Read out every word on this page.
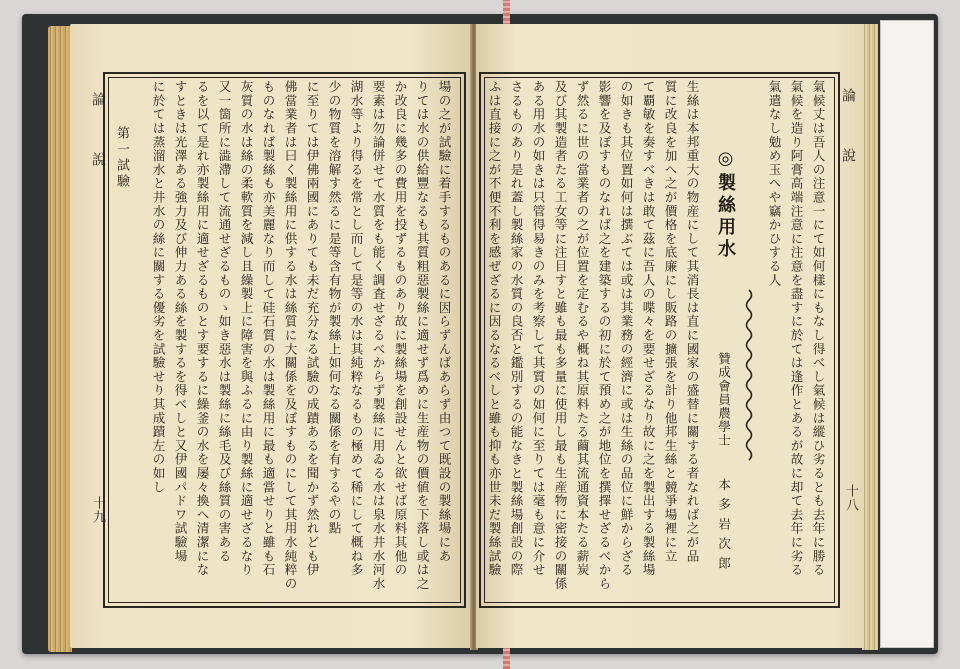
論　說
十九	場の之が試驗に着手するものあるに因らずんばあらず由つて既設の製絲場にあ
りては水の供給豐なるも其質粗惡製絲に適せず爲めに生産物の價値を下落し或は之
か改良に幾多の費用を投ずるものあり故に製絲場を創設せんと欲せば原料其他の
要素は勿論併せて水質をも能く調査せざるべからず製絲に用ゐる水は泉水井水河水
湖水等より得るを常とし而して是等の水は其純粹なるもの極めて稀にして概ね多
少の物質を溶解す然るに是等含有物が製絲上如何なる關係を有するやの點
に至りては伊佛兩國にありても未だ充分なる試驗の成蹟あるを聞かず然れども伊
佛當業者は曰く製絲用に供する水は絲質に大關係を及ぼすものにして其用水純粹の
ものなれば製絲も亦美麗なり而して硅石質の水は製絲用に最も適當せりと雖も石
灰質の水は絲の柔軟質を減し且繰製上に障害を與ふるに由り製絲に適せざるなり
又一箇所に澁滯して流通せざるものゝ如き惡水は製絲に絲毛及び絲質の害ある
るを以て是れ亦製絲用に適せざるものとす要するに繰釜の水を屡々換へ清潔にな
すときは光澤ある強力及び伸力ある絲を製するを得べしと又伊國パドワ試驗場
に於ては蒸溜水と井水の絲に關する優劣を試驗せり其成蹟左の如し
第一試驗	論　說
十八
氣候丈は吾人の注意一にて如何樣にもなし得べし氣候は縱ひ劣るとも去年に勝る
氣候を造り阿膏高端注意に注意を盡すに於ては逢作とあるが故に却て去年に劣る
氣遣なし勉め玉へや竊かひする人
◎製絲用水
贊成會員農學士
本多岩次郎
生絲は本邦重大の物産にして其消長は直に國家の盛替に關する者なれば之が品
質に改良を加へ之が價格を底廉にし販路の擴張を計り他邦生絲と競爭場裡に立
て覇敏を奏すべきは敢て茲に吾人の喋々を要せざるなり故に之を製出する製絲場
の如きも其位置如何は撰ぶては或は其業務の經濟に或は生絲の品位に鮮からざる
影響を及ぼすものなれば之を建築するの初に於て預め之が地位を撰擇せざるべから
ず然るに世の當業者の之が位置を定むるや概ね其原料たる繭其流通資本たる薪炭
及び其製造者たる工女等に注目すと雖も最も多量に使用し最も生産物に密接の關係
ある用水の如きは只管得易きのみを考察して其質の如何に至りては毫も意に介せ
さるものあり是れ蓋し製絲家の水質の良否と鑑別するの能なきと製絲場創設の際
ふは直接に之が不便不利を感ぜざるに因るなるべしと雖も抑も亦世未だ製絲試驗
